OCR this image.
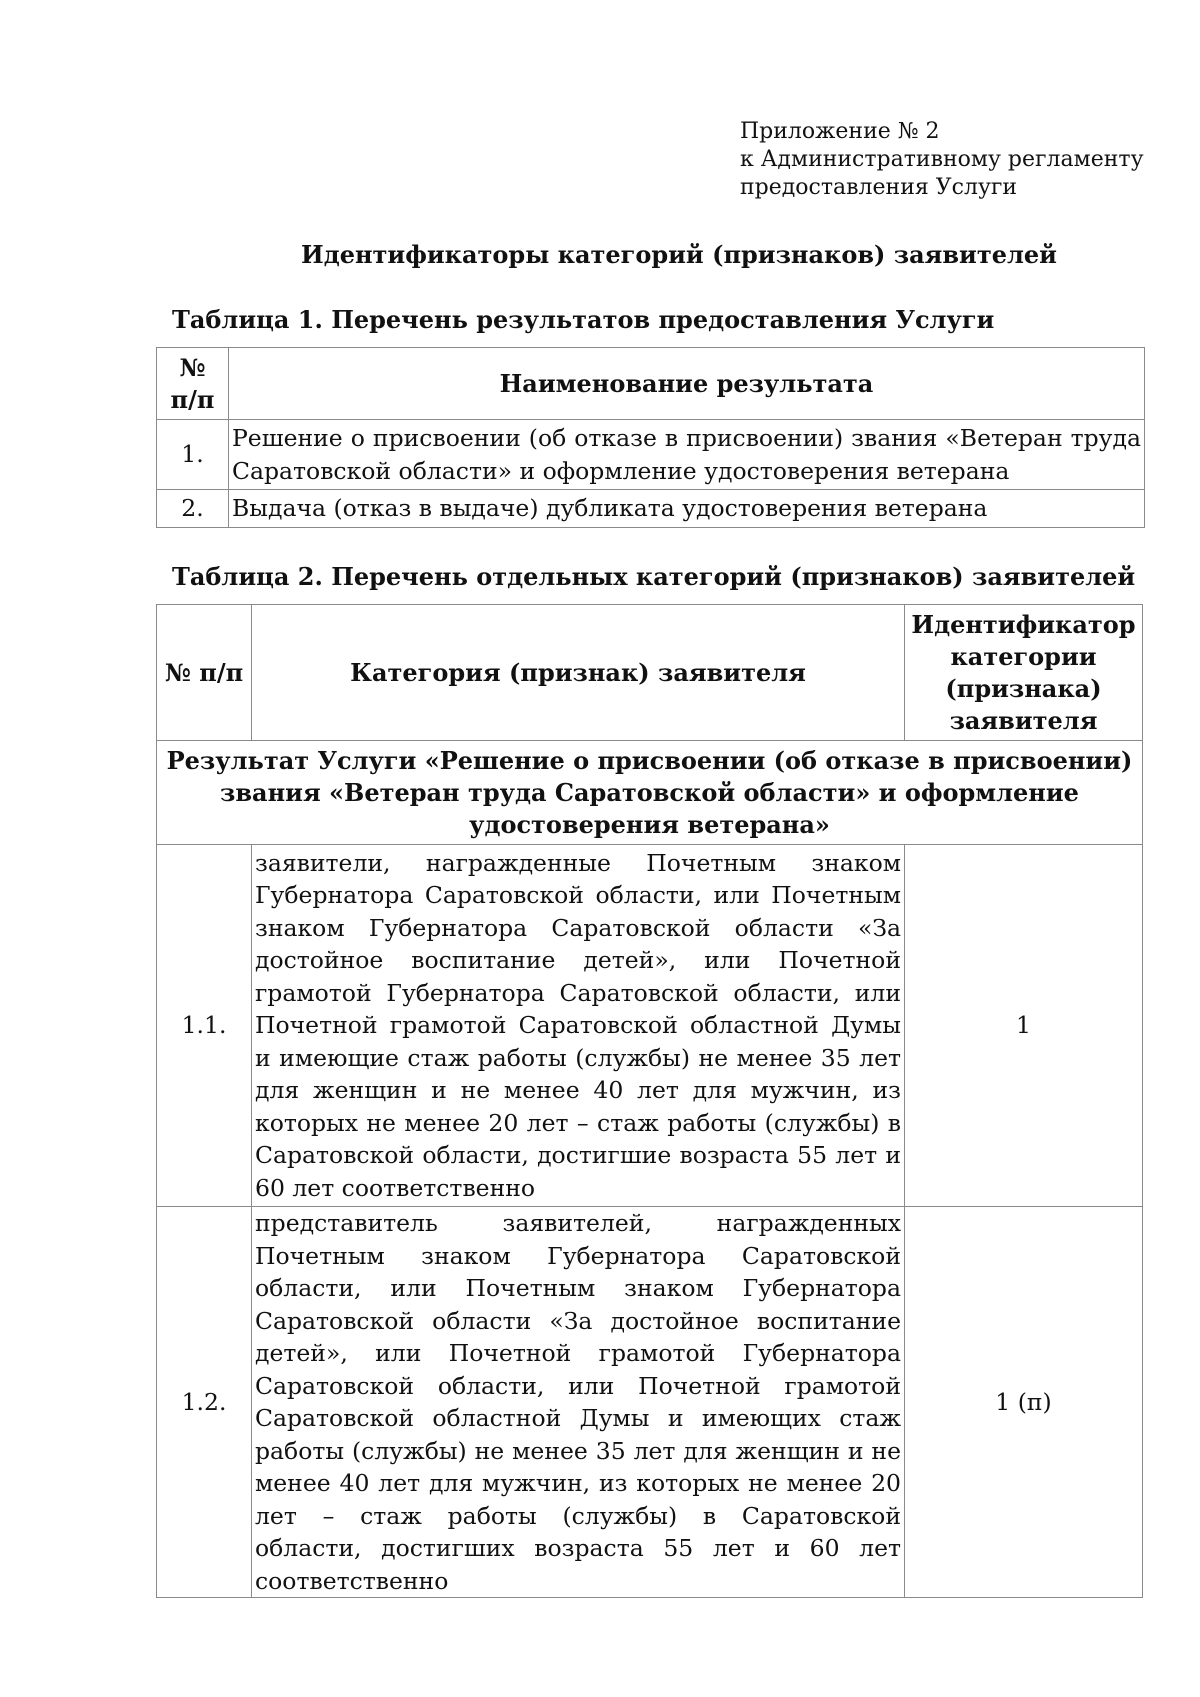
Приложение № 2
к Административному регламенту
предоставления Услуги
Идентификаторы категорий (признаков) заявителей
Таблица 1. Перечень результатов предоставления Услуги
№ п/п	Наименование результата
1.	Решение о присвоении (об отказе в присвоении) звания «Ветеран труда Саратовской области» и оформление удостоверения ветерана
2.	Выдача (отказ в выдаче) дубликата удостоверения ветерана
Таблица 2. Перечень отдельных категорий (признаков) заявителей
№ п/п	Категория (признак) заявителя	Идентификатор категории (признака) заявителя
Результат Услуги «Решение о присвоении (об отказе в присвоении) звания «Ветеран труда Саратовской области» и оформление удостоверения ветерана»		
1.1.	заявители, награжденные Почетным знаком Губернатора Саратовской области, или Почетным знаком Губернатора Саратовской области «За достойное воспитание детей», или Почетной грамотой Губернатора Саратовской области, или Почетной грамотой Саратовской областной Думы и имеющие стаж работы (службы) не менее 35 лет для женщин и не менее 40 лет для мужчин, из которых не менее 20 лет – стаж работы (службы) в Саратовской области, достигшие возраста 55 лет и 60 лет соответственно	1
1.2.	представитель заявителей, награжденных Почетным знаком Губернатора Саратовской области, или Почетным знаком Губернатора Саратовской области «За достойное воспитание детей», или Почетной грамотой Губернатора Саратовской области, или Почетной грамотой Саратовской областной Думы и имеющих стаж работы (службы) не менее 35 лет для женщин и не менее 40 лет для мужчин, из которых не менее 20 лет – стаж работы (службы) в Саратовской области, достигших возраста 55 лет и 60 лет соответственно	1 (п)
